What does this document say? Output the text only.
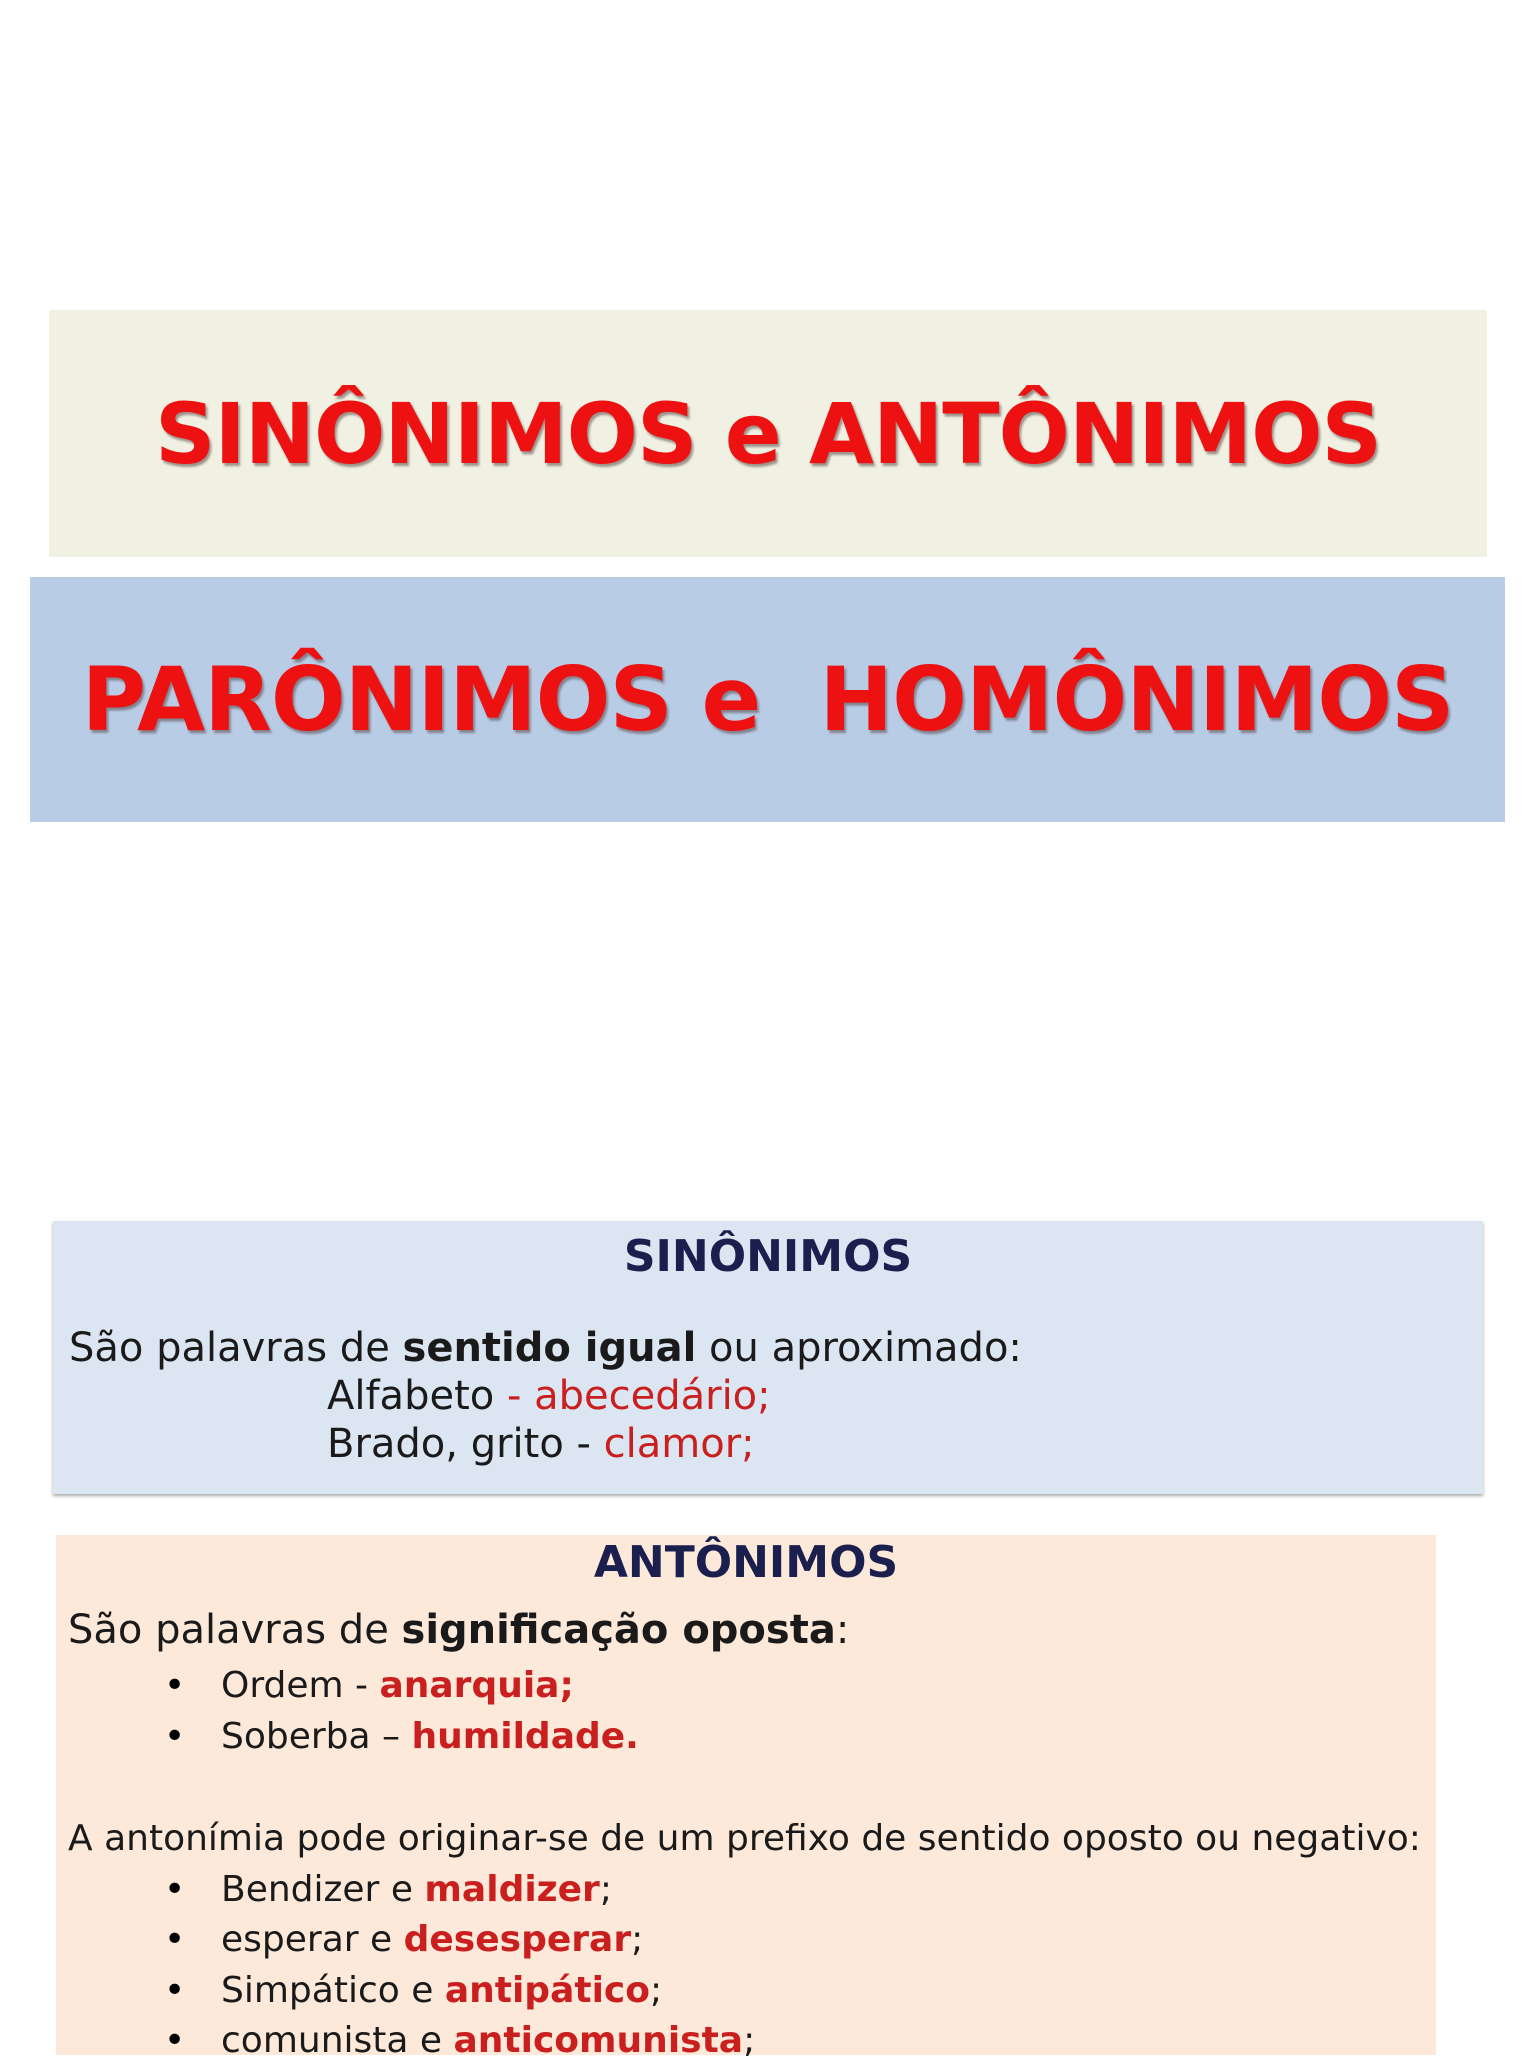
SINÔNIMOS e ANTÔNIMOS
PARÔNIMOS e  HOMÔNIMOS
SINÔNIMOS
São palavras de sentido igual ou aproximado:
Alfabeto - abecedário;
Brado, grito - clamor;
ANTÔNIMOS
São palavras de significação oposta:
• Ordem - anarquia;
• Soberba – humildade.
A antonímia pode originar-se de um prefixo de sentido oposto ou negativo:
• Bendizer e maldizer;
• esperar e desesperar;
• Simpático e antipático;
• comunista e anticomunista;
